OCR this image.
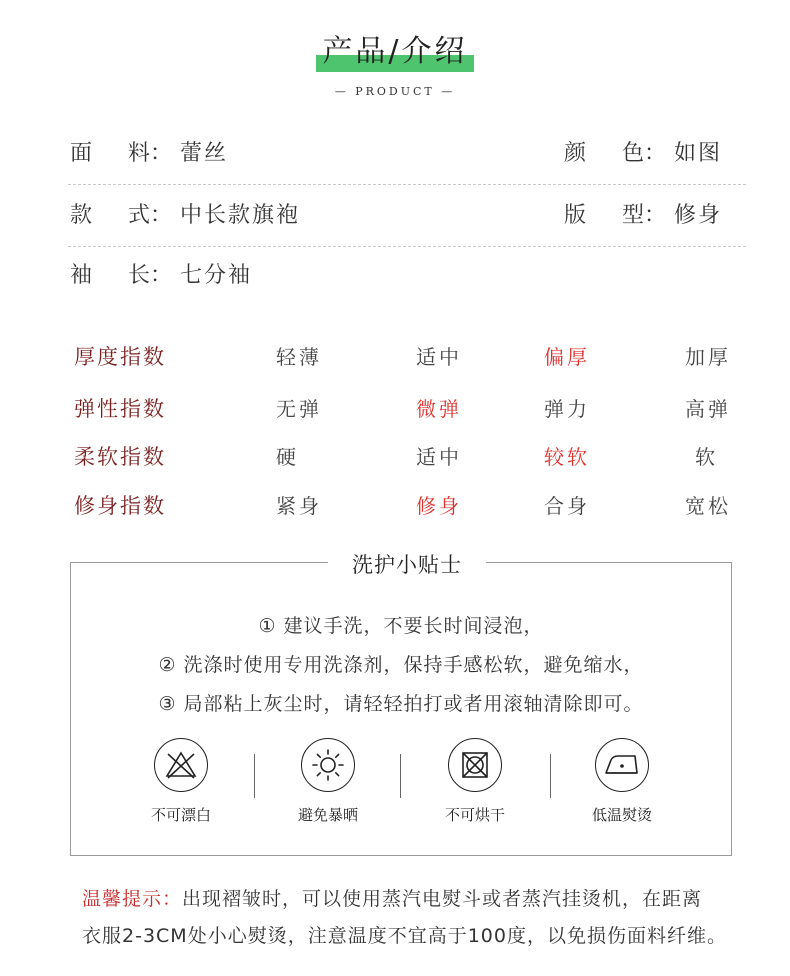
产品/介绍
— PRODUCT —
面 料： 蕾丝	颜 色： 如图
款 式： 中长款旗袍	版 型： 修身
袖 长： 七分袖
厚度指数	轻薄	适中	偏厚	加厚
弹性指数	无弹	微弹	弹力	高弹
柔软指数	硬	适中	较软	软
修身指数	紧身	修身	合身	宽松
洗护小贴士
① 建议手洗，不要长时间浸泡，
② 洗涤时使用专用洗涤剂，保持手感松软，避免缩水，
③ 局部粘上灰尘时，请轻轻拍打或者用滚轴清除即可。
不可漂白	避免暴晒	不可烘干	低温熨烫
温馨提示：出现褶皱时，可以使用蒸汽电熨斗或者蒸汽挂烫机，在距离
衣服2-3CM处小心熨烫，注意温度不宜高于100度，以免损伤面料纤维。
